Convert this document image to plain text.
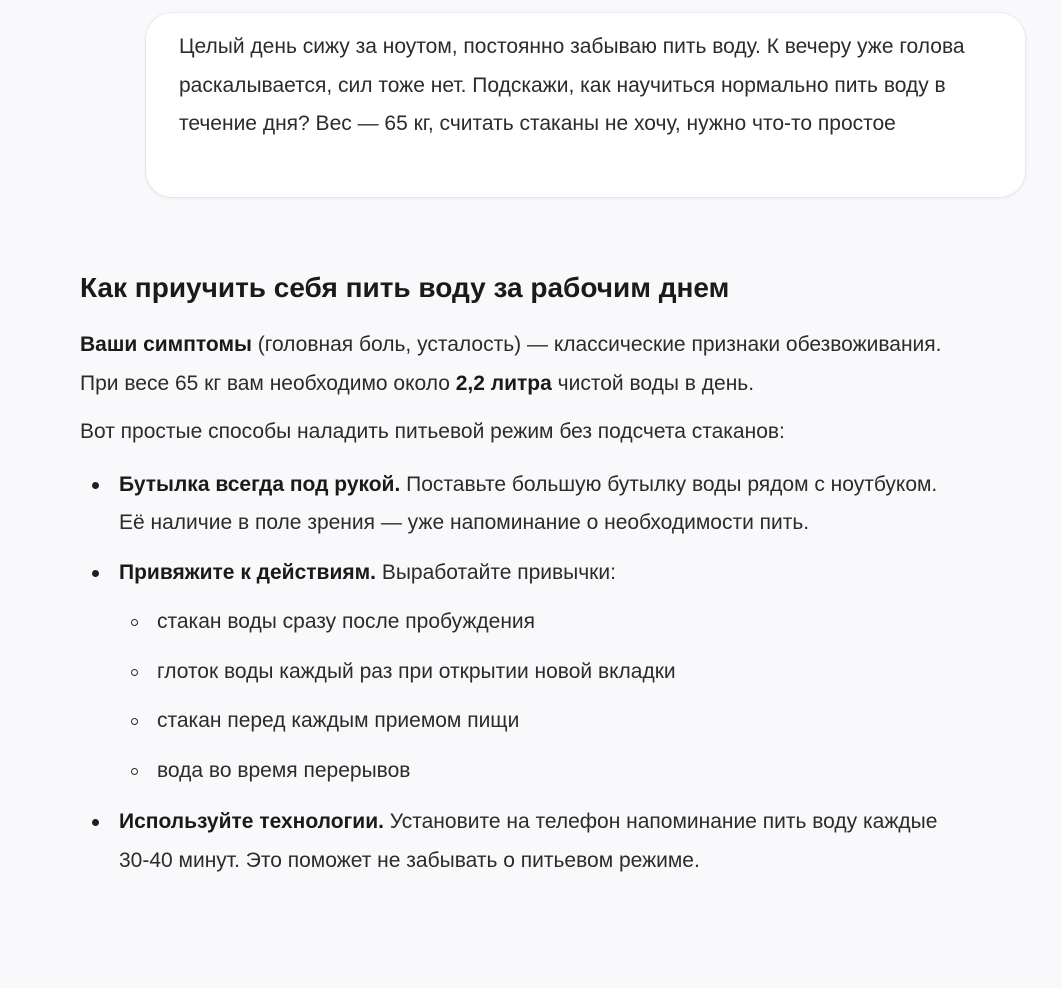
Целый день сижу за ноутом, постоянно забываю пить воду. К вечеру уже голова раскалывается, сил тоже нет. Подскажи, как научиться нормально пить воду в течение дня? Вес — 65 кг, считать стаканы не хочу, нужно что-то простое

Как приучить себя пить воду за рабочим днем

Ваши симптомы (головная боль, усталость) — классические признаки обезвоживания. При весе 65 кг вам необходимо около 2,2 литра чистой воды в день.

Вот простые способы наладить питьевой режим без подсчета стаканов:

Бутылка всегда под рукой. Поставьте большую бутылку воды рядом с ноутбуком. Её наличие в поле зрения — уже напоминание о необходимости пить.
Привяжите к действиям. Выработайте привычки:
стакан воды сразу после пробуждения
глоток воды каждый раз при открытии новой вкладки
стакан перед каждым приемом пищи
вода во время перерывов
Используйте технологии. Установите на телефон напоминание пить воду каждые 30-40 минут. Это поможет не забывать о питьевом режиме.
